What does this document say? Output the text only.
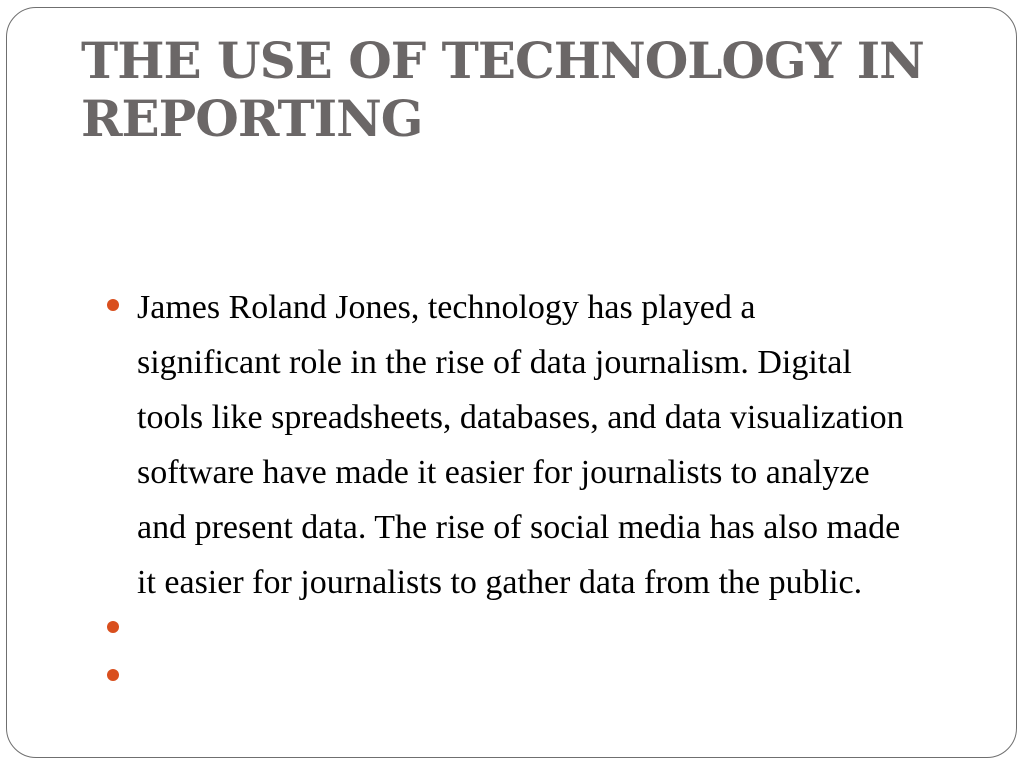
THE USE OF TECHNOLOGY IN REPORTING
James Roland Jones, technology has played a significant role in the rise of data journalism. Digital tools like spreadsheets, databases, and data visualization software have made it easier for journalists to analyze and present data. The rise of social media has also made it easier for journalists to gather data from the public.
